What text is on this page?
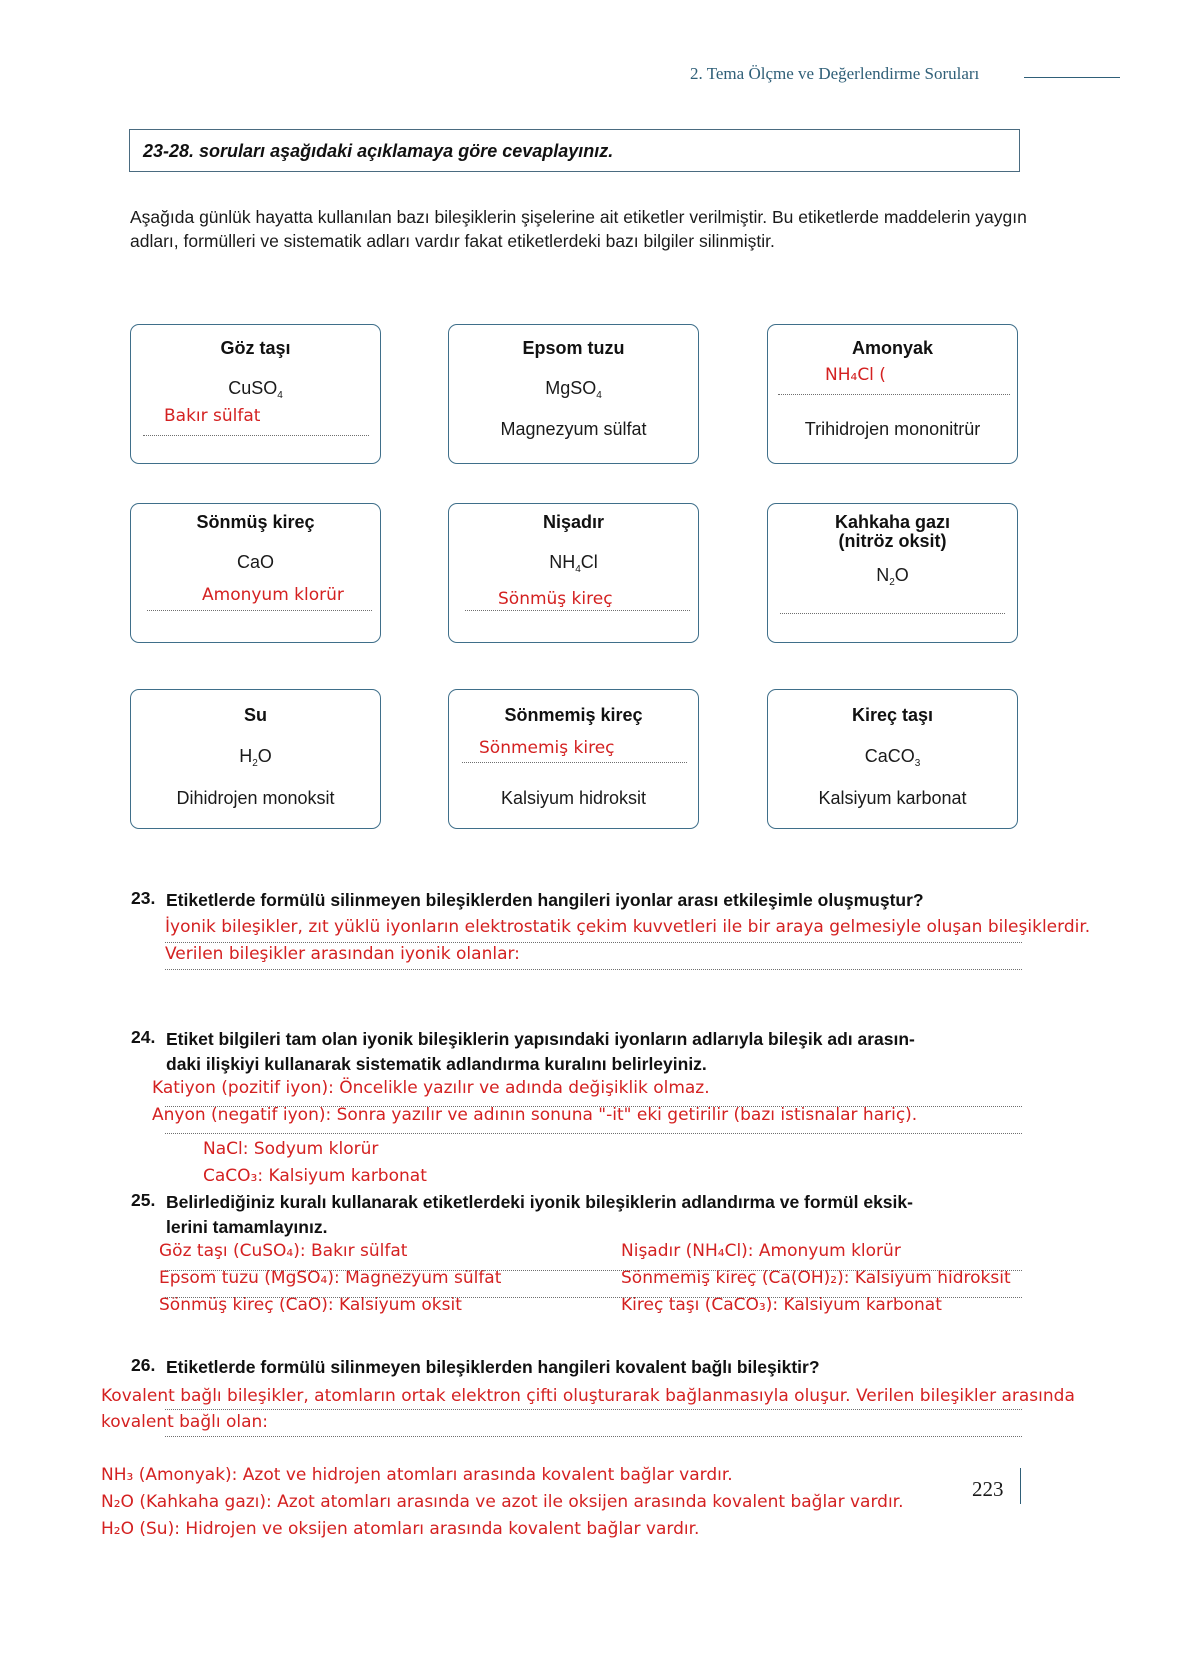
2. Tema Ölçme ve Değerlendirme Soruları
23-28. soruları aşağıdaki açıklamaya göre cevaplayınız.
Aşağıda günlük hayatta kullanılan bazı bileşiklerin şişelerine ait etiketler verilmiştir. Bu etiketlerde maddelerin yaygın adları, formülleri ve sistematik adları vardır fakat etiketlerdeki bazı bilgiler silinmiştir.
Göz taşı
CuSO$_4$
Bakır sülfat
Epsom tuzu
MgSO$_4$
Magnezyum sülfat
Amonyak
NH₄Cl (
Trihidrojen mononitrür
Sönmüş kireç
CaO
Amonyum klorür
Nişadır
$NH_4Cl$
Sönmüş kireç
Kahkaha gazı
(nitröz oksit)
$N_2O$
Su
$H_2O$
Dihidrojen monoksit
Sönmemiş kireç
Sönmemiş kireç
Kalsiyum hidroksit
Kireç taşı
CaCO$_3$
Kalsiyum karbonat
23. Etiketlerde formülü silinmeyen bileşiklerden hangileri iyonlar arası etkileşimle oluşmuştur?
İyonik bileşikler, zıt yüklü iyonların elektrostatik çekim kuvvetleri ile bir araya gelmesiyle oluşan bileşiklerdir.
Verilen bileşikler arasından iyonik olanlar:
24. Etiket bilgileri tam olan iyonik bileşiklerin yapısındaki iyonların adlarıyla bileşik adı arasın-
daki ilişkiyi kullanarak sistematik adlandırma kuralını belirleyiniz.
Katiyon (pozitif iyon): Öncelikle yazılır ve adında değişiklik olmaz.
Anyon (negatif iyon): Sonra yazılır ve adının sonuna "-it" eki getirilir (bazı istisnalar hariç).
NaCl: Sodyum klorür
CaCO₃: Kalsiyum karbonat
25. Belirlediğiniz kuralı kullanarak etiketlerdeki iyonik bileşiklerin adlandırma ve formül eksik-
lerini tamamlayınız.
Göz taşı (CuSO₄): Bakır sülfat
Epsom tuzu (MgSO₄): Magnezyum sülfat
Sönmüş kireç (CaO): Kalsiyum oksit
Nişadır (NH₄Cl): Amonyum klorür
Sönmemiş kireç (Ca(OH)₂): Kalsiyum hidroksit
Kireç taşı (CaCO₃): Kalsiyum karbonat
26. Etiketlerde formülü silinmeyen bileşiklerden hangileri kovalent bağlı bileşiktir?
Kovalent bağlı bileşikler, atomların ortak elektron çifti oluşturarak bağlanmasıyla oluşur. Verilen bileşikler arasında
kovalent bağlı olan:
NH₃ (Amonyak): Azot ve hidrojen atomları arasında kovalent bağlar vardır.
N₂O (Kahkaha gazı): Azot atomları arasında ve azot ile oksijen arasında kovalent bağlar vardır.
H₂O (Su): Hidrojen ve oksijen atomları arasında kovalent bağlar vardır.
223
